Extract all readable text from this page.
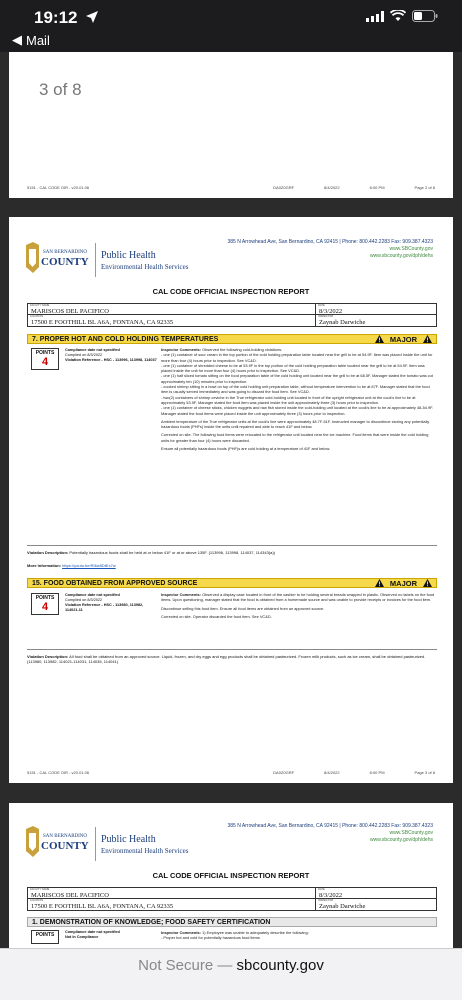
19:12
◀ Mail
3 of 8
5151 - CAL CODE OIR - v20.01.06	DA0Z0GRF	8/4/2022	6:00 PM	Page 2 of 8
385 N Arrowhead Ave, San Bernardino, CA 92415 | Phone: 800.442.2283 Fax: 909.387.4323
www.SBCounty.gov
www.sbcounty.gov/dph/dehs
SAN BERNARDINO
COUNTY
Public Health
Environmental Health Services
CAL CODE OFFICIAL INSPECTION REPORT
FACILITY NAME
MARISCOS DEL PACIFICO
DATE
8/3/2022
LOCATION
17500 E FOOTHILL BL A6A, FONTANA, CA 92335
INSPECTOR
Zaynab Darwiche
7. PROPER HOT AND COLD HOLDING TEMPERATURES	MAJOR
POINTS
4
Compliance date not specified
Complied on 8/3/2022
Violation Reference - HSC - 113996, 113998, 114037

Inspector Comments: Observed the following cold-holding violations:
- one (1) container of sour cream in the top portion of the cold holding preparation table located near the grill to be at 54.9F. Item was placed inside the unit for more than four (4) hours prior to inspection. See VC&D.
- one (1) container of shredded cheese to be at 53.9F in the top portion of the cold holding preparation table located near the grill to be at 54.9F. Item was placed inside the unit for more than four (4) hours prior to inspection. See VC&D.
- one (1) half sliced tomato sitting on the food preparation table of the cold holding unit located near the grill to be at 68.5F. Manager stated the tomato was cut approximately ten (10) minutes prior to inspection.
- cooked shrimp sitting in a bowl on top of the cold holding unit preparation table, without temperature intervention to be at 87F. Manager stated that the food item is usually served immediately and was going to discard the food item. See VC&D.
- two(2) containers of shrimp ceviche in the True refrigerator cold-holding unit located in front of the upright refrigerator unit at the cook's line to be at approximately 53.9F. Manager stated the food item was placed inside the unit approximately three (3) hours prior to inspection.
- one (1) container of cheese sticks, chicken nuggets and raw fish stored inside the cold-holding unit located at the cook's line to be at approximately 48-54.9F. Manager stated the food items were placed inside the unit approximately three (3) hours prior to inspection.

Ambient temperature of the True refrigerator units at the cook's line were approximately 48.7F-51F. Instructed manager to discontinue storing any potentially hazardous foods (PHFs) inside the units until repaired and able to reach 41F and below.

Corrected on site. The following food items were relocated to the refrigerator unit located near the ice machine. Food items that were inside the cold holding units for greater than four (4) hours were discarded.

Ensure all potentially hazardous foods (PHF)s are cold holding at a temperature of 41F and below.

Violation Description: Potentially hazardous foods shall be held at or below 41F or at or above 135F. (113996, 113998, 114037, 114343(a))
More Information: https://youtu.be/RI6w5DtEx7w
15. FOOD OBTAINED FROM APPROVED SOURCE	MAJOR
POINTS
4
Compliance date not specified
Complied on 8/3/2022
Violation Reference - HSC - 113980, 113982, 114021-11

Inspector Comments: Observed a display case located in front of the cashier to be holding several breads wrapped in plastic. Observed no labels on the food items. Upon questioning, manager stated that the food is obtained from a homemade source and was unable to provide receipts or invoices for the food item.

Discontinue selling this food item. Ensure all food items are obtained from an approved source.

Corrected on site. Operator discarded the food item. See VC&D.

Violation Description: All food shall be obtained from an approved source. Liquid, frozen, and dry eggs and egg products shall be obtained pasteurized. Frozen milk products, such as ice cream, shall be obtained pasteurized. (113980, 113982, 114021-114031, 114035, 114041)
5151 - CAL CODE OIR - v20.01.06	DA0Z0GRF	8/4/2022	6:00 PM	Page 3 of 8
385 N Arrowhead Ave, San Bernardino, CA 92415 | Phone: 800.442.2283 Fax: 909.387.4323
www.SBCounty.gov
www.sbcounty.gov/dph/dehs
SAN BERNARDINO
COUNTY
Public Health
Environmental Health Services
CAL CODE OFFICIAL INSPECTION REPORT
FACILITY NAME
MARISCOS DEL PACIFICO
DATE
8/3/2022
LOCATION
17500 E FOOTHILL BL A6A, FONTANA, CA 92335
INSPECTOR
Zaynab Darwiche
1. DEMONSTRATION OF KNOWLEDGE; FOOD SAFETY CERTIFICATION
POINTS	Compliance date not specified
Not In Compliance
Inspector Comments: 1) Employee was unable to adequately describe the following:
- Proper hot and cold for potentially hazardous food items
Not Secure — sbcounty.gov
